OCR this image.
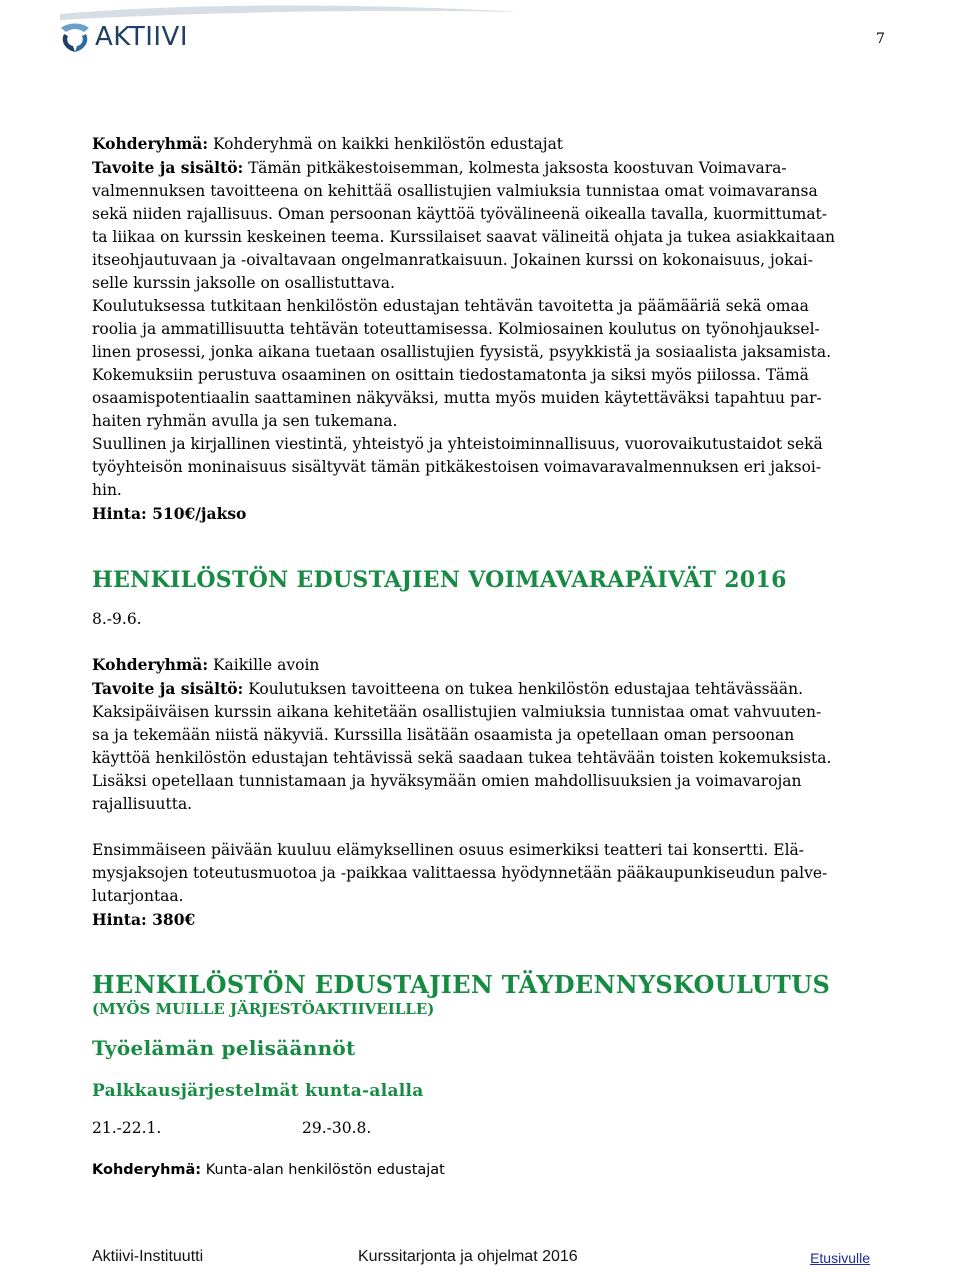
AKTIIVI	7

Kohderyhmä: Kohderyhmä on kaikki henkilöstön edustajat

Tavoite ja sisältö: Tämän pitkäkestoisemman, kolmesta jaksosta koostuvan Voimavara-

valmennuksen tavoitteena on kehittää osallistujien valmiuksia tunnistaa omat voimavaransa

sekä niiden rajallisuus. Oman persoonan käyttöä työvälineenä oikealla tavalla, kuormittumat-

ta liikaa on kurssin keskeinen teema. Kurssilaiset saavat välineitä ohjata ja tukea asiakkaitaan

itseohjautuvaan ja -oivaltavaan ongelmanratkaisuun. Jokainen kurssi on kokonaisuus, jokai-

selle kurssin jaksolle on osallistuttava.

Koulutuksessa tutkitaan henkilöstön edustajan tehtävän tavoitetta ja päämääriä sekä omaa

roolia ja ammatillisuutta tehtävän toteuttamisessa. Kolmiosainen koulutus on työnohjauksel-

linen prosessi, jonka aikana tuetaan osallistujien fyysistä, psyykkistä ja sosiaalista jaksamista.

Kokemuksiin perustuva osaaminen on osittain tiedostamatonta ja siksi myös piilossa. Tämä

osaamispotentiaalin saattaminen näkyväksi, mutta myös muiden käytettäväksi tapahtuu par-

haiten ryhmän avulla ja sen tukemana.

Suullinen ja kirjallinen viestintä, yhteistyö ja yhteistoiminnallisuus, vuorovaikutustaidot sekä

työyhteisön moninaisuus sisältyvät tämän pitkäkestoisen voimavaravalmennuksen eri jaksoi-

hin.

Hinta: 510€/jakso

HENKILÖSTÖN EDUSTAJIEN VOIMAVARAPÄIVÄT 2016

8.-9.6.

Kohderyhmä: Kaikille avoin

Tavoite ja sisältö: Koulutuksen tavoitteena on tukea henkilöstön edustajaa tehtävässään.

Kaksipäiväisen kurssin aikana kehitetään osallistujien valmiuksia tunnistaa omat vahvuuten-

sa ja tekemään niistä näkyviä. Kurssilla lisätään osaamista ja opetellaan oman persoonan

käyttöä henkilöstön edustajan tehtävissä sekä saadaan tukea tehtävään toisten kokemuksista.

Lisäksi opetellaan tunnistamaan ja hyväksymään omien mahdollisuuksien ja voimavarojan

rajallisuutta.

Ensimmäiseen päivään kuuluu elämyksellinen osuus esimerkiksi teatteri tai konsertti. Elä-

mysjaksojen toteutusmuotoa ja -paikkaa valittaessa hyödynnetään pääkaupunkiseudun palve-

lutarjontaa.

Hinta: 380€

HENKILÖSTÖN EDUSTAJIEN TÄYDENNYSKOULUTUS

(MYÖS MUILLE JÄRJESTÖAKTIIVEILLE)

Työelämän pelisäännöt
Palkkausjärjestelmät kunta-alalla

21.-22.1.	29.-30.8.

Kohderyhmä: Kunta-alan henkilöstön edustajat

Aktiivi-Instituutti	Kurssitarjonta ja ohjelmat 2016	Etusivulle
